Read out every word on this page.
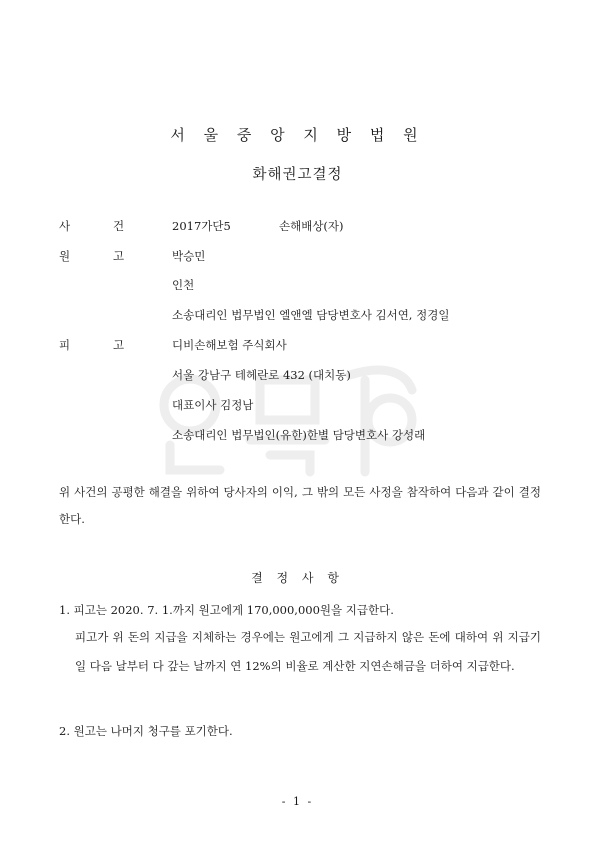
서 울 중 앙 지 방 법 원
화해권고결정
사	건	2017가단5	손해배상(자)
원	고	박승민
인천
소송대리인 법무법인 엘앤엘 담당변호사 김서연, 정경일
피	고	디비손해보험 주식회사
서울 강남구 테헤란로 432 (대치동)
대표이사 김정남
소송대리인 법무법인(유한)한별 담당변호사 강성래
위 사건의 공평한 해결을 위하여 당사자의 이익, 그 밖의 모든 사정을 참작하여 다음과 같이 결정한다.
결 정 사 항
1. 피고는 2020. 7. 1.까지 원고에게 170,000,000원을 지급한다.
피고가 위 돈의 지급을 지체하는 경우에는 원고에게 그 지급하지 않은 돈에 대하여 위 지급기일 다음 날부터 다 갚는 날까지 연 12%의 비율로 계산한 지연손해금을 더하여 지급한다.
2. 원고는 나머지 청구를 포기한다.
- 1 -
